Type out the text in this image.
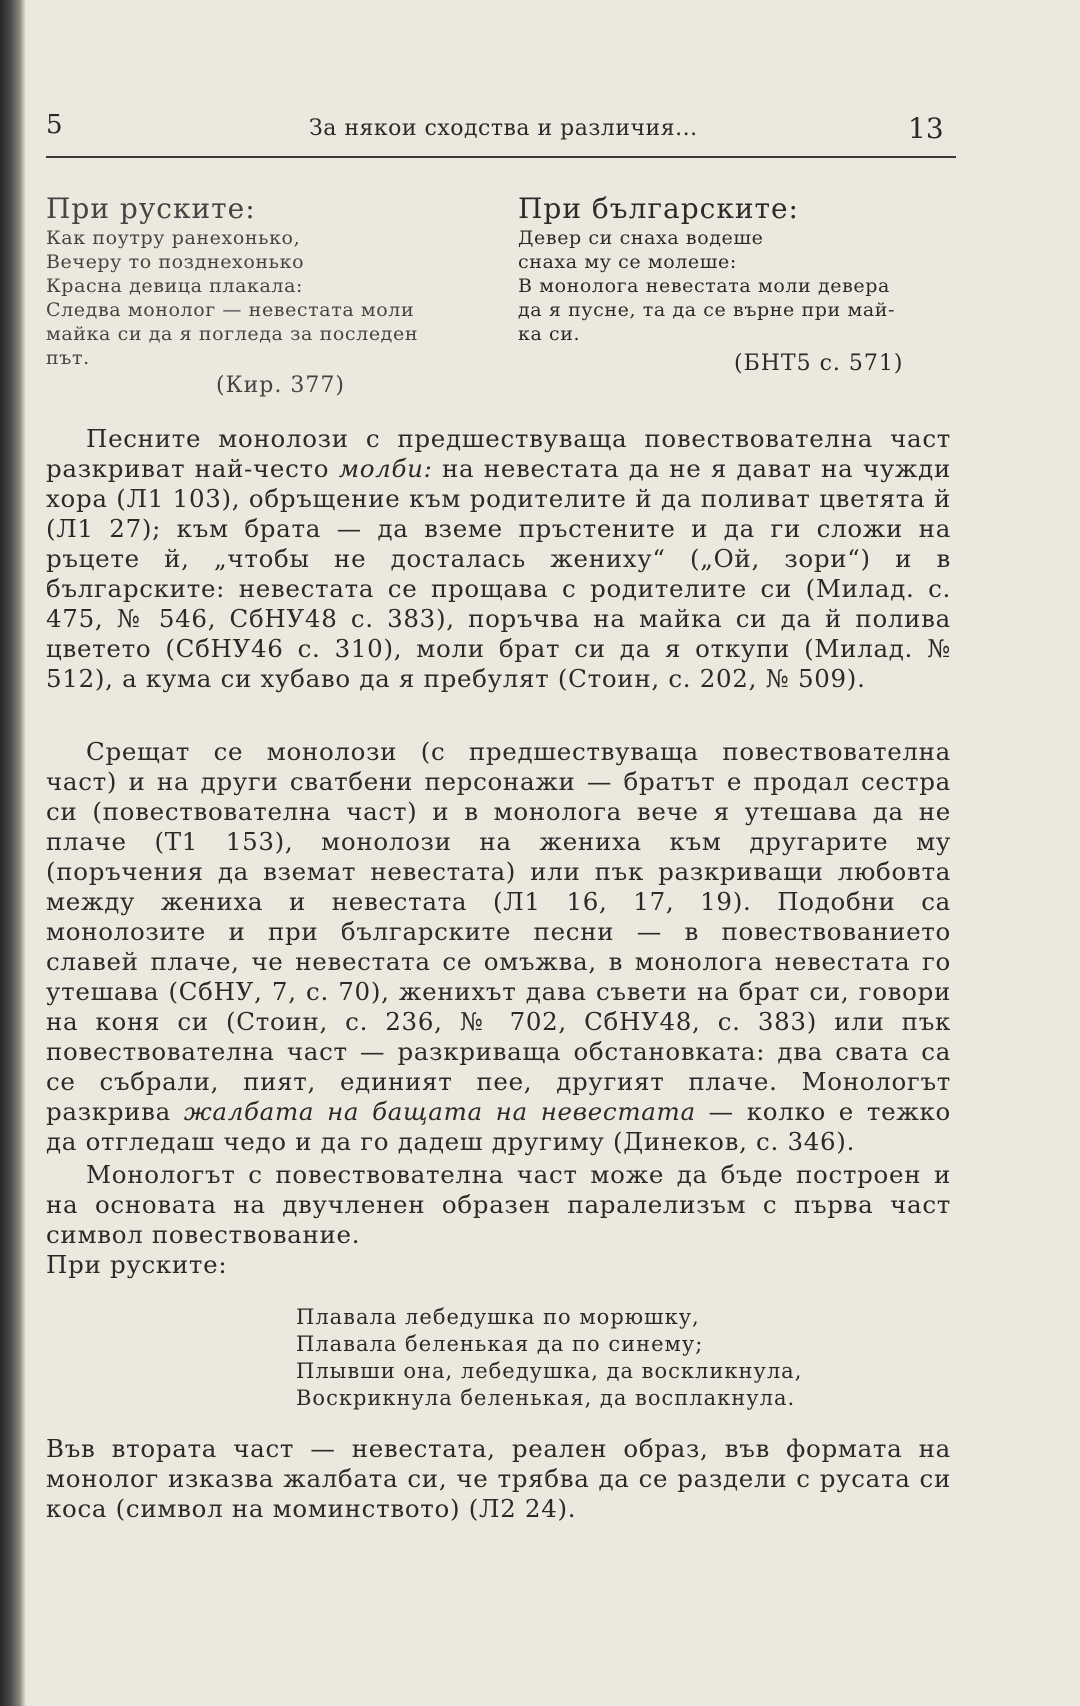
5	За някои сходства и различия...	13
При руските:
Как поутру ранехонько,
Вечеру то позднехонько
Красна девица плакала:
Следва монолог — невестата моли
майка си да я погледа за последен
път.
(Кир. 377)
При българските:
Девер си снаха водеше
снаха му се молеше:
В монолога невестата моли девера
да я пусне, та да се върне при май-
ка си.
(БНТ5 с. 571)

Песните монолози с предшествуваща повествователна част разкриват най-често молби: на невестата да не я дават на чужди хора (Л1 103), обръщение към родителите й да поливат цветята й (Л1 27); към брата — да вземе пръстените и да ги сложи на ръцете й, „чтобы не досталась жениху“ („Ой, зори“) и в българските: невестата се прощава с родителите си (Милад. с. 475, № 546, СбНУ48 с. 383), поръчва на майка си да й полива цветето (СбНУ46 с. 310), моли брат си да я откупи (Милад. № 512), а кума си хубаво да я пребулят (Стоин, с. 202, № 509).

Срещат се монолози (с предшествуваща повествователна част) и на други сватбени персонажи — братът е продал сестра си (повествователна част) и в монолога вече я утешава да не плаче (Т1 153), монолози на жениха към другарите му (поръчения да вземат невестата) или пък разкриващи любовта между жениха и невестата (Л1 16, 17, 19). Подобни са монолозите и при българските песни — в повествованието славей плаче, че невестата се омъжва, в монолога невестата го утешава (СбНУ, 7, с. 70), женихът дава съвети на брат си, говори на коня си (Стоин, с. 236, № 702, СбНУ48, с. 383) или пък повествователна част — разкриваща обстановката: два свата са се събрали, пият, единият пее, другият плаче. Монологът разкрива жалбата на бащата на невестата — колко е тежко да отгледаш чедо и да го дадеш другиму (Динеков, с. 346).

Монологът с повествователна част може да бъде построен и на основата на двучленен образен паралелизъм с първа част символ повествование.

При руските:
Плавала лебедушка по морюшку,
Плавала беленькая да по синему;
Плывши она, лебедушка, да воскликнула,
Воскрикнула беленькая, да восплакнула.

Във втората част — невестата, реален образ, във формата на монолог изказва жалбата си, че трябва да се раздели с русата си коса (символ на моминството) (Л2 24).
